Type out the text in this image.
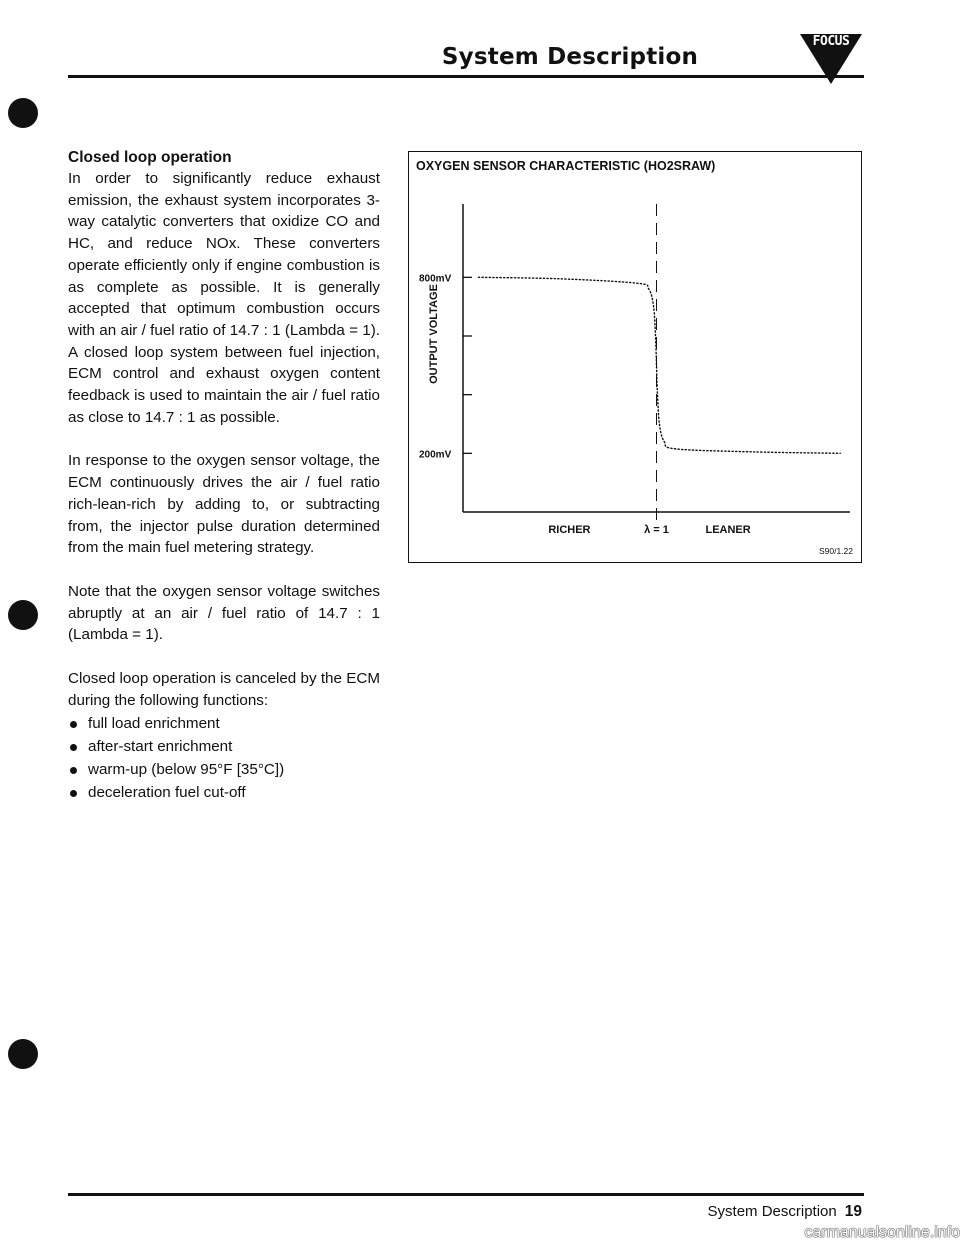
System Description
FOCUS
Closed loop operation

In order to significantly reduce exhaust emission, the exhaust system incorporates 3-way catalytic converters that oxidize CO and HC, and reduce NOx. These converters operate efficiently only if engine combustion is as complete as possible. It is generally accepted that optimum combustion occurs with an air / fuel ratio of 14.7 : 1 (Lambda = 1). A closed loop system between fuel injection, ECM control and exhaust oxygen content feedback is used to maintain the air / fuel ratio as close to 14.7 : 1 as possible.

In response to the oxygen sensor voltage, the ECM continuously drives the air / fuel ratio rich-lean-rich by adding to, or subtracting from, the injector pulse duration determined from the main fuel metering strategy.

Note that the oxygen sensor voltage switches abruptly at an air / fuel ratio of 14.7 : 1 (Lambda = 1).

Closed loop operation is canceled by the ECM during the following functions:

full load enrichment
after-start enrichment
warm-up (below 95°F [35°C])
deceleration fuel cut-off
OXYGEN SENSOR CHARACTERISTIC (HO2SRAW)
OUTPUT VOLTAGE
800mV
200mV
RICHER	λ = 1	LEANER
S90/1.22
System Description 19
carmanualsonline.info
